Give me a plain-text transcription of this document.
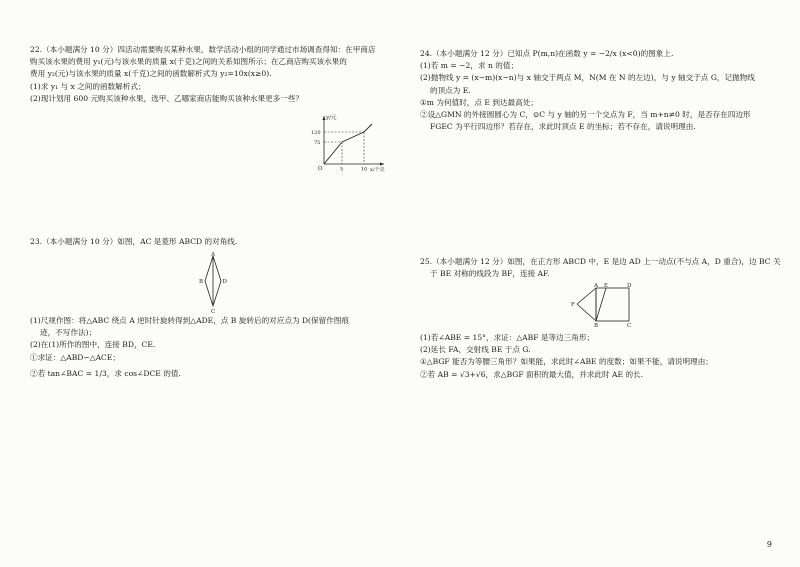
22.（本小题满分 10 分）四活动需要购买某种水果，数学活动小组的同学通过市场调查得知：在甲商店

购买该水果的费用 y₁(元)与该水果的质量 x(千克)之间的关系如图所示；在乙商店购买该水果的

费用 y₂(元)与该水果的质量 x(千克)之间的函数解析式为 y₂=10x(x≥0).

(1)求 y₁ 与 x 之间的函数解析式；

(2)现计划用 600 元购买该种水果，选甲、乙哪家商店能购买该种水果更多一些？

y/元
x/千克
O
120
75
5	10

23.（本小题满分 10 分）如图，AC 是菱形 ABCD 的对角线.

A
B
C
D

(1)尺规作图：将△ABC 绕点 A 逆时针旋转得到△ADE，点 B 旋转后的对应点为 D(保留作图痕

迹，不写作法)；

(2)在(1)所作的图中，连接 BD，CE.

①求证：△ABD∽△ACE；

②若 tan∠BAC = 1/3，求 cos∠DCE 的值.

24.（本小题满分 12 分）已知点 P(m,n)在函数 y = −2/x (x<0)的图象上.

(1)若 m = −2，求 n 的值；

(2)抛物线 y = (x−m)(x−n)与 x 轴交于两点 M，N(M 在 N 的左边)，与 y 轴交于点 G，记抛物线

的顶点为 E.

①m 为何值时，点 E 到达最高处；

②设△GMN 的外接圆圆心为 C，⊙C 与 y 轴的另一个交点为 F，当 m+n≠0 时，是否存在四边形

FGEC 为平行四边形？若存在，求此时顶点 E 的坐标；若不存在，请说明理由.

25.（本小题满分 12 分）如图，在正方形 ABCD 中，E 是边 AD 上一动点(不与点 A，D 重合)，边 BC 关

于 BE 对称的线段为 BF，连接 AF.

A E	D
F
B	C

(1)若∠ABE = 15°，求证：△ABF 是等边三角形；

(2)延长 FA，交射线 BE 于点 G.

①△BGF 能否为等腰三角形？如果能，求此时∠ABE 的度数；如果不能，请说明理由；

②若 AB = √3+√6，求△BGF 面积的最大值，并求此时 AE 的长.

9
